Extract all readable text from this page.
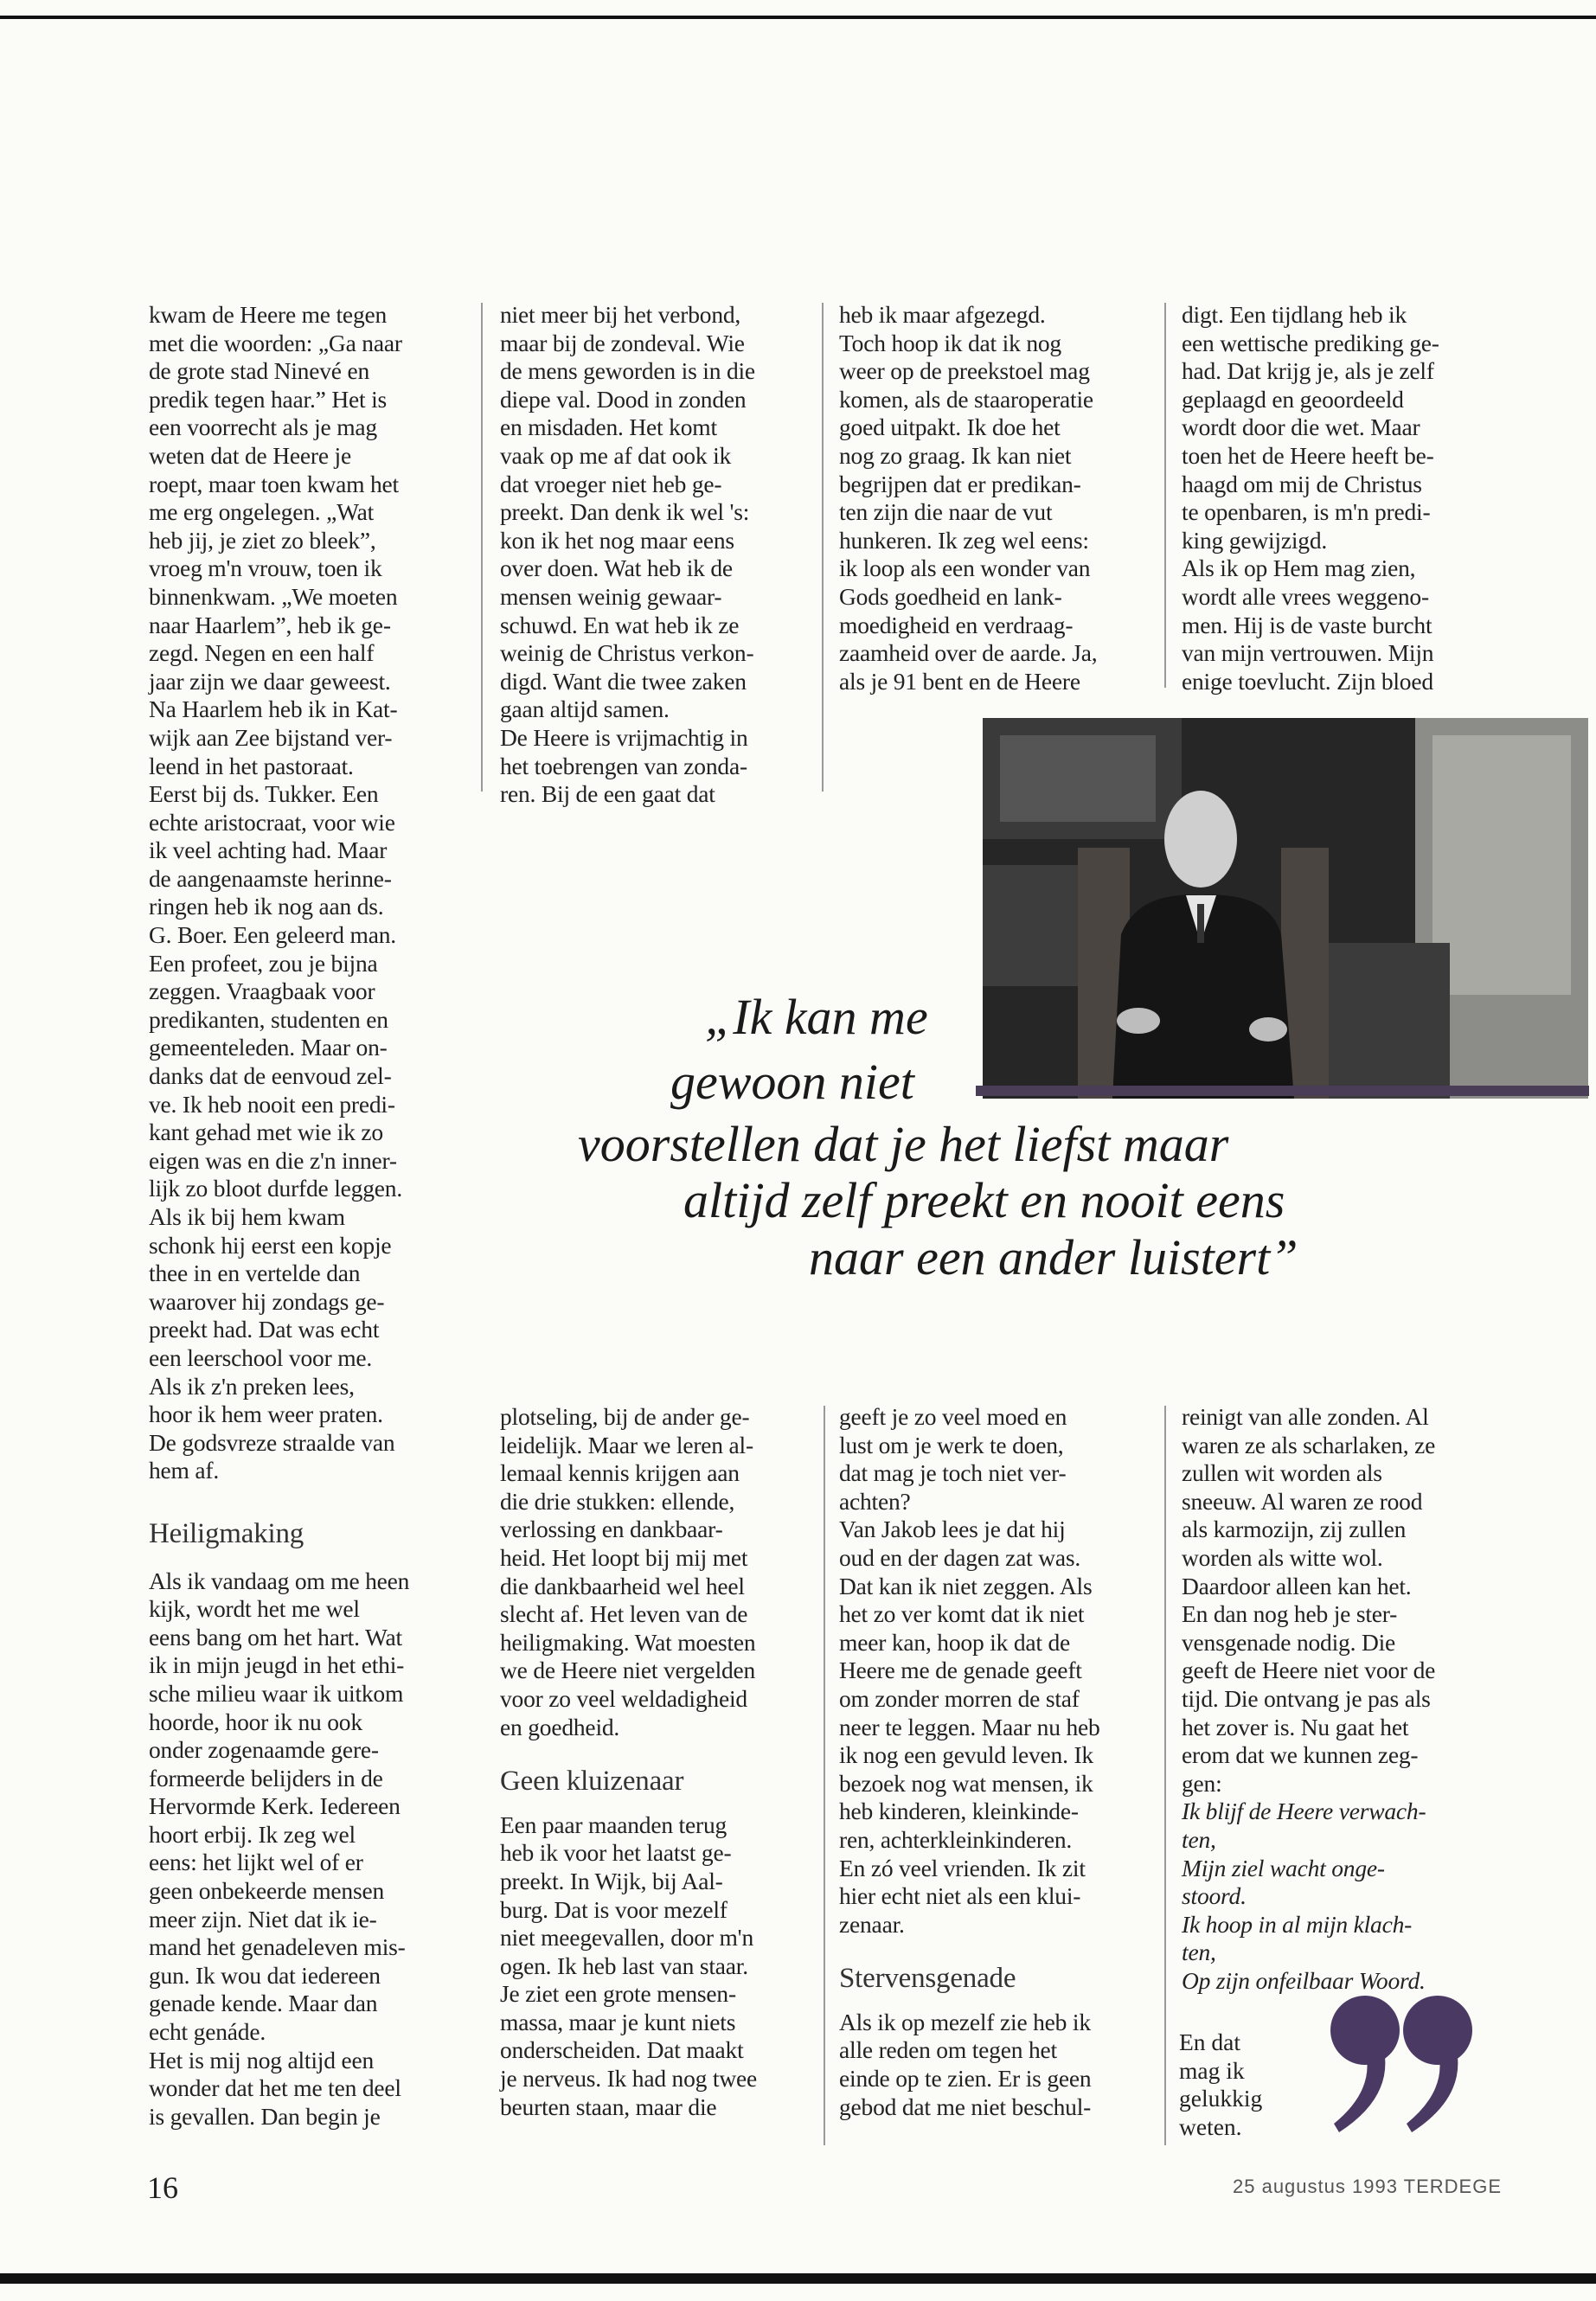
kwam de Heere me tegen
met die woorden: „Ga naar
de grote stad Ninevé en
predik tegen haar.” Het is
een voorrecht als je mag
weten dat de Heere je
roept, maar toen kwam het
me erg ongelegen. „Wat
heb jij, je ziet zo bleek”,
vroeg m'n vrouw, toen ik
binnenkwam. „We moeten
naar Haarlem”, heb ik ge-
zegd. Negen en een half
jaar zijn we daar geweest.
Na Haarlem heb ik in Kat-
wijk aan Zee bijstand ver-
leend in het pastoraat.
Eerst bij ds. Tukker. Een
echte aristocraat, voor wie
ik veel achting had. Maar
de aangenaamste herinne-
ringen heb ik nog aan ds.
G. Boer. Een geleerd man.
Een profeet, zou je bijna
zeggen. Vraagbaak voor
predikanten, studenten en
gemeenteleden. Maar on-
danks dat de eenvoud zel-
ve. Ik heb nooit een predi-
kant gehad met wie ik zo
eigen was en die z'n inner-
lijk zo bloot durfde leggen.
Als ik bij hem kwam
schonk hij eerst een kopje
thee in en vertelde dan
waarover hij zondags ge-
preekt had. Dat was echt
een leerschool voor me.
Als ik z'n preken lees,
hoor ik hem weer praten.
De godsvreze straalde van
hem af.

Heiligmaking

Als ik vandaag om me heen
kijk, wordt het me wel
eens bang om het hart. Wat
ik in mijn jeugd in het ethi-
sche milieu waar ik uitkom
hoorde, hoor ik nu ook
onder zogenaamde gere-
formeerde belijders in de
Hervormde Kerk. Iedereen
hoort erbij. Ik zeg wel
eens: het lijkt wel of er
geen onbekeerde mensen
meer zijn. Niet dat ik ie-
mand het genadeleven mis-
gun. Ik wou dat iedereen
genade kende. Maar dan
echt genáde.
Het is mij nog altijd een
wonder dat het me ten deel
is gevallen. Dan begin je

niet meer bij het verbond,
maar bij de zondeval. Wie
de mens geworden is in die
diepe val. Dood in zonden
en misdaden. Het komt
vaak op me af dat ook ik
dat vroeger niet heb ge-
preekt. Dan denk ik wel 's:
kon ik het nog maar eens
over doen. Wat heb ik de
mensen weinig gewaar-
schuwd. En wat heb ik ze
weinig de Christus verkon-
digd. Want die twee zaken
gaan altijd samen.
De Heere is vrijmachtig in
het toebrengen van zonda-
ren. Bij de een gaat dat

heb ik maar afgezegd.
Toch hoop ik dat ik nog
weer op de preekstoel mag
komen, als de staaroperatie
goed uitpakt. Ik doe het
nog zo graag. Ik kan niet
begrijpen dat er predikan-
ten zijn die naar de vut
hunkeren. Ik zeg wel eens:
ik loop als een wonder van
Gods goedheid en lank-
moedigheid en verdraag-
zaamheid over de aarde. Ja,
als je 91 bent en de Heere

digt. Een tijdlang heb ik
een wettische prediking ge-
had. Dat krijg je, als je zelf
geplaagd en geoordeeld
wordt door die wet. Maar
toen het de Heere heeft be-
haagd om mij de Christus
te openbaren, is m'n predi-
king gewijzigd.
Als ik op Hem mag zien,
wordt alle vrees weggeno-
men. Hij is de vaste burcht
van mijn vertrouwen. Mijn
enige toevlucht. Zijn bloed

„Ik kan me
gewoon niet
voorstellen dat je het liefst maar
altijd zelf preekt en nooit eens
naar een ander luistert”

plotseling, bij de ander ge-
leidelijk. Maar we leren al-
lemaal kennis krijgen aan
die drie stukken: ellende,
verlossing en dankbaar-
heid. Het loopt bij mij met
die dankbaarheid wel heel
slecht af. Het leven van de
heiligmaking. Wat moesten
we de Heere niet vergelden
voor zo veel weldadigheid
en goedheid.

Geen kluizenaar

Een paar maanden terug
heb ik voor het laatst ge-
preekt. In Wijk, bij Aal-
burg. Dat is voor mezelf
niet meegevallen, door m'n
ogen. Ik heb last van staar.
Je ziet een grote mensen-
massa, maar je kunt niets
onderscheiden. Dat maakt
je nerveus. Ik had nog twee
beurten staan, maar die

geeft je zo veel moed en
lust om je werk te doen,
dat mag je toch niet ver-
achten?
Van Jakob lees je dat hij
oud en der dagen zat was.
Dat kan ik niet zeggen. Als
het zo ver komt dat ik niet
meer kan, hoop ik dat de
Heere me de genade geeft
om zonder morren de staf
neer te leggen. Maar nu heb
ik nog een gevuld leven. Ik
bezoek nog wat mensen, ik
heb kinderen, kleinkinde-
ren, achterkleinkinderen.
En zó veel vrienden. Ik zit
hier echt niet als een klui-
zenaar.

Stervensgenade

Als ik op mezelf zie heb ik
alle reden om tegen het
einde op te zien. Er is geen
gebod dat me niet beschul-

reinigt van alle zonden. Al
waren ze als scharlaken, ze
zullen wit worden als
sneeuw. Al waren ze rood
als karmozijn, zij zullen
worden als witte wol.
Daardoor alleen kan het.
En dan nog heb je ster-
vensgenade nodig. Die
geeft de Heere niet voor de
tijd. Die ontvang je pas als
het zover is. Nu gaat het
erom dat we kunnen zeg-
gen:

Ik blijf de Heere verwach-
ten,
Mijn ziel wacht onge-
stoord.
Ik hoop in al mijn klach-
ten,
Op zijn onfeilbaar Woord.
En dat
mag ik
gelukkig
weten.
16	25 augustus 1993 TERDEGE
